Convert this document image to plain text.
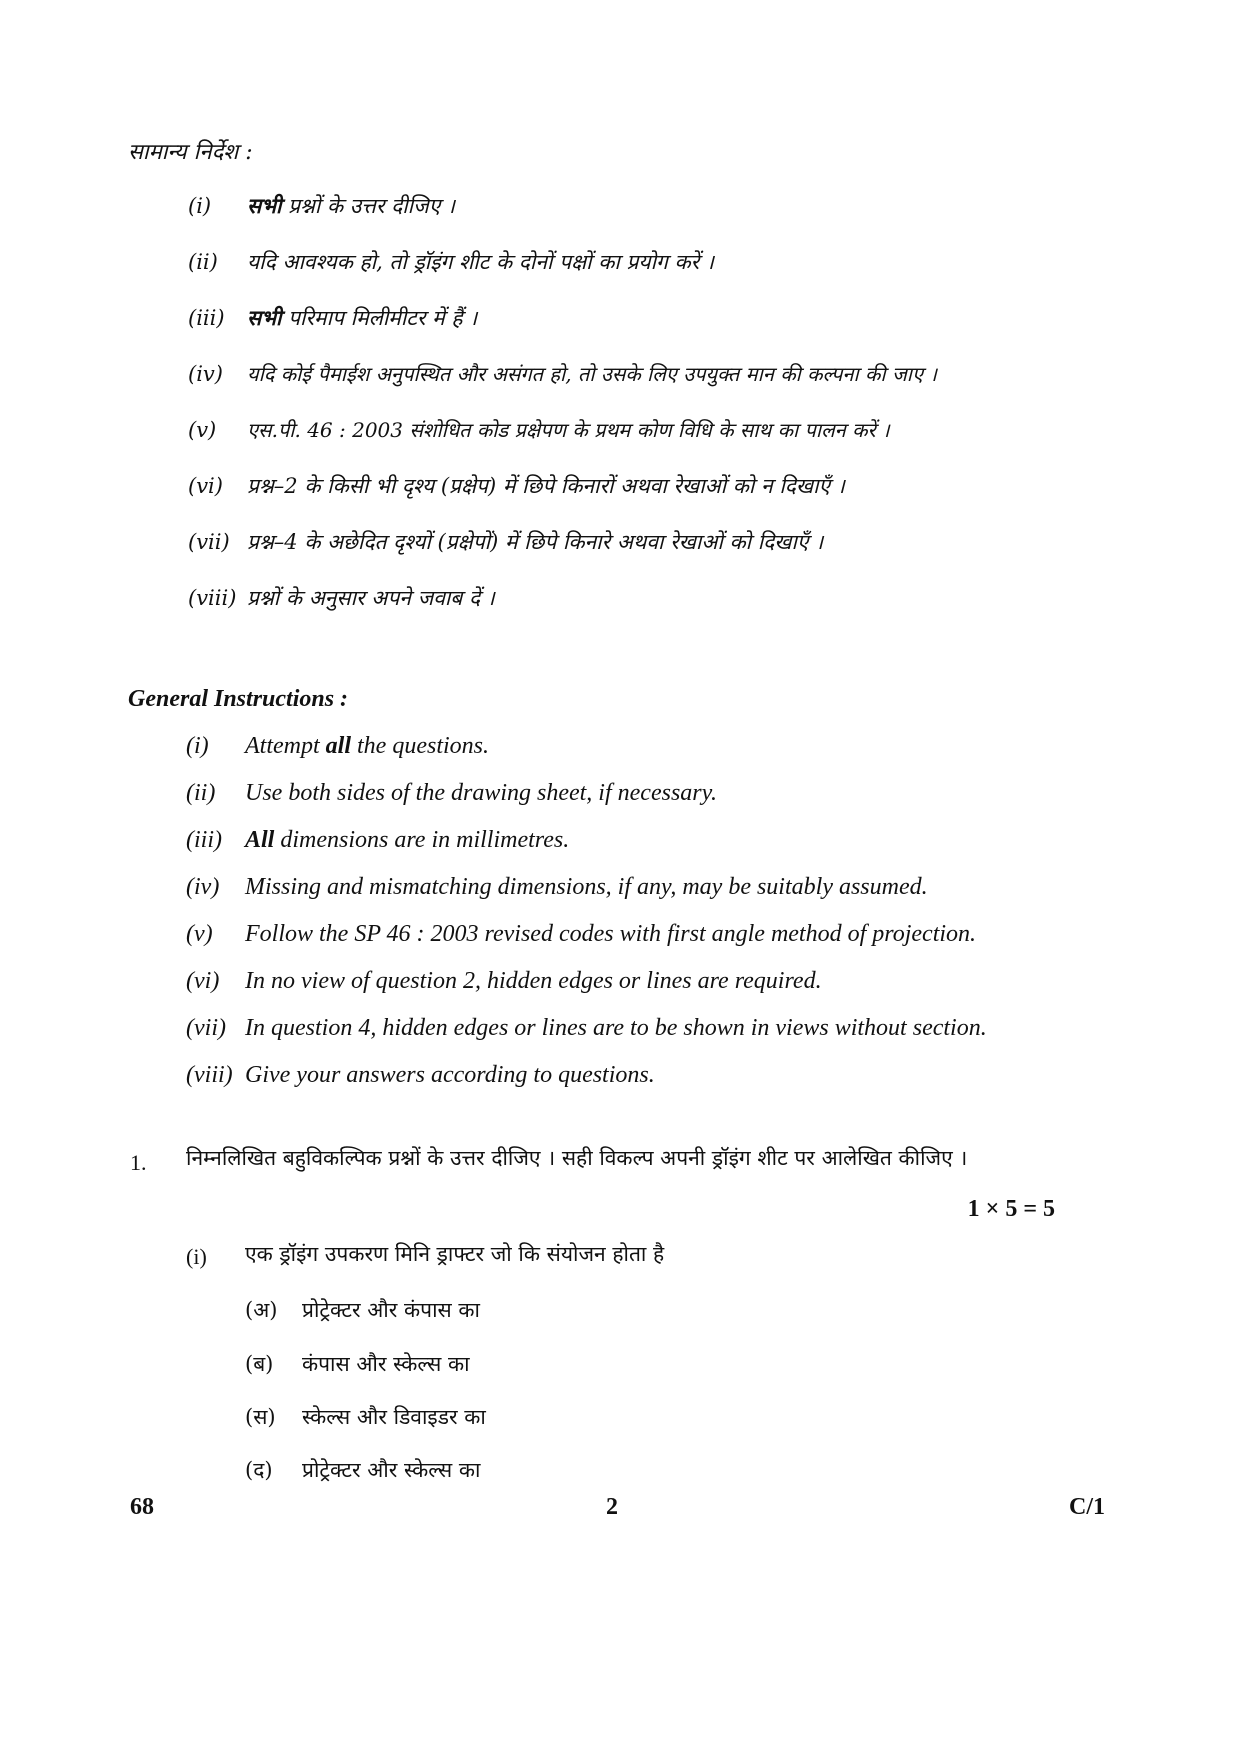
सामान्य निर्देश :
(i)	सभी प्रश्नों के उत्तर दीजिए ।
(ii)	यदि आवश्यक हो, तो ड्रॉइंग शीट के दोनों पक्षों का प्रयोग करें ।
(iii)	सभी परिमाप मिलीमीटर में हैं ।
(iv)	यदि कोई पैमाईश अनुपस्थित और असंगत हो, तो उसके लिए उपयुक्त मान की कल्पना की जाए ।
(v)	एस.पी. 46 : 2003 संशोधित कोड प्रक्षेपण के प्रथम कोण विधि के साथ का पालन करें ।
(vi)	प्रश्न–2 के किसी भी दृश्य (प्रक्षेप) में छिपे किनारों अथवा रेखाओं को न दिखाएँ ।
(vii) प्रश्न–4 के अछेदित दृश्यों (प्रक्षेपों) में छिपे किनारे अथवा रेखाओं को दिखाएँ ।
(viii) प्रश्नों के अनुसार अपने जवाब दें ।
General Instructions :
(i)	Attempt all the questions.
(ii)	Use both sides of the drawing sheet, if necessary.
(iii) All dimensions are in millimetres.
(iv)	Missing and mismatching dimensions, if any, may be suitably assumed.
(v)	Follow the SP 46 : 2003 revised codes with first angle method of projection.
(vi)	In no view of question 2, hidden edges or lines are required.
(vii) In question 4, hidden edges or lines are to be shown in views without section.
(viii) Give your answers according to questions.
1. निम्नलिखित बहुविकल्पिक प्रश्नों के उत्तर दीजिए । सही विकल्प अपनी ड्रॉइंग शीट पर आलेखित कीजिए ।
1 × 5 = 5
(i) एक ड्रॉइंग उपकरण मिनि ड्राफ्टर जो कि संयोजन होता है
(अ)	प्रोट्रेक्टर और कंपास का
(ब)	कंपास और स्केल्स का
(स)	स्केल्स और डिवाइडर का
(द)	प्रोट्रेक्टर और स्केल्स का
68	2	C/1
